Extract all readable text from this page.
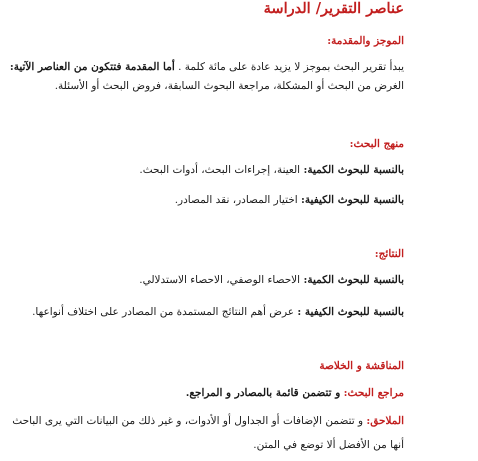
عناصر التقرير/ الدراسة
الموجز والمقدمة:
يبدأ تقرير البحث بموجز لا يزيد عادة على مائة كلمة . أما المقدمة فتتكون من العناصر الآتية:
الغرض من البحث أو المشكلة، مراجعة البحوث السابقة، فروض البحث أو الأسئلة.
منهج البحث:
بالنسبة للبحوث الكمية: العينة، إجراءات البحث، أدوات البحث.
بالنسبة للبحوث الكيفية: اختيار المصادر، نقد المصادر.
النتائج:
بالنسبة للبحوث الكمية: الاحصاء الوصفي، الاحصاء الاستدلالي.
بالنسبة للبحوث الكيفية : عرض أهم النتائج المستمدة من المصادر على اختلاف أنواعها.
المناقشة و الخلاصة
مراجع البحث: و تتضمن قائمة بالمصادر و المراجع.
الملاحق: و تتضمن الإضافات أو الجداول أو الأدوات، و غير ذلك من البيانات التي يرى الباحث
أنها من الأفضل ألا توضع في المتن.
